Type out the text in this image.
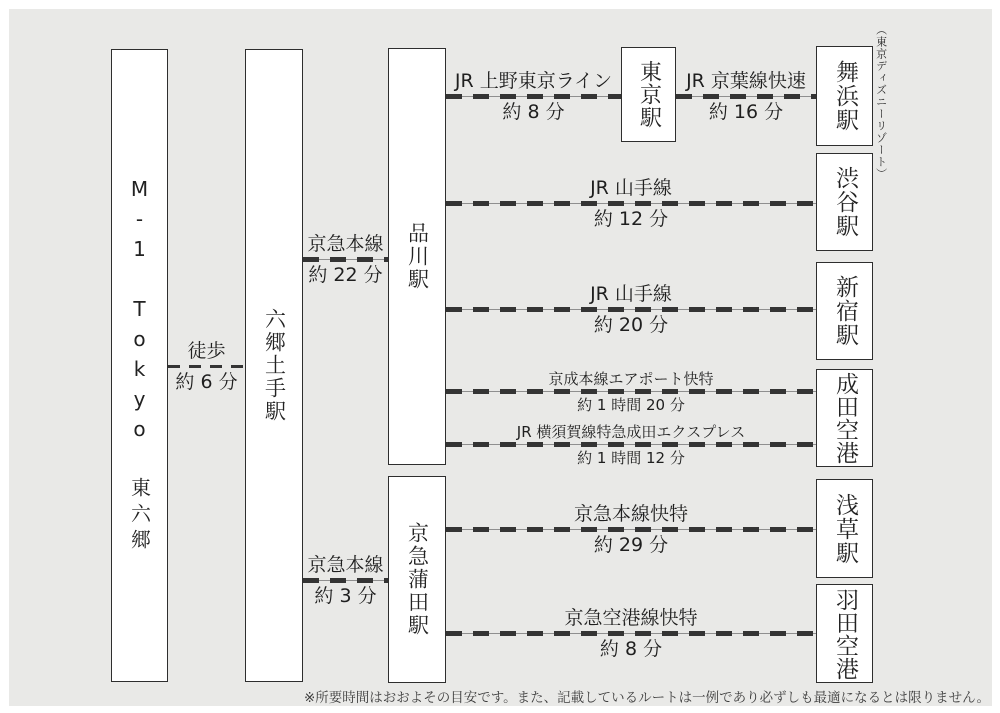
M-1 Tokyo 東六郷	六郷土手駅
品川駅
京急蒲田駅
東京駅	舞浜駅 （東京ディズニーリゾート）
渋谷駅
新宿駅
成田空港
浅草駅
羽田空港
徒歩
約 6 分
京急本線
約 22 分
京急本線
約 3 分
JR 上野東京ライン
約 8 分
JR 京葉線快速
約 16 分
JR 山手線
約 12 分
JR 山手線
約 20 分
京成本線エアポート快特
約 1 時間 20 分
JR 横須賀線特急成田エクスプレス
約 1 時間 12 分
京急本線快特
約 29 分
京急空港線快特
約 8 分
※所要時間はおおよその目安です。また、記載しているルートは一例であり必ずしも最適になるとは限りません。
